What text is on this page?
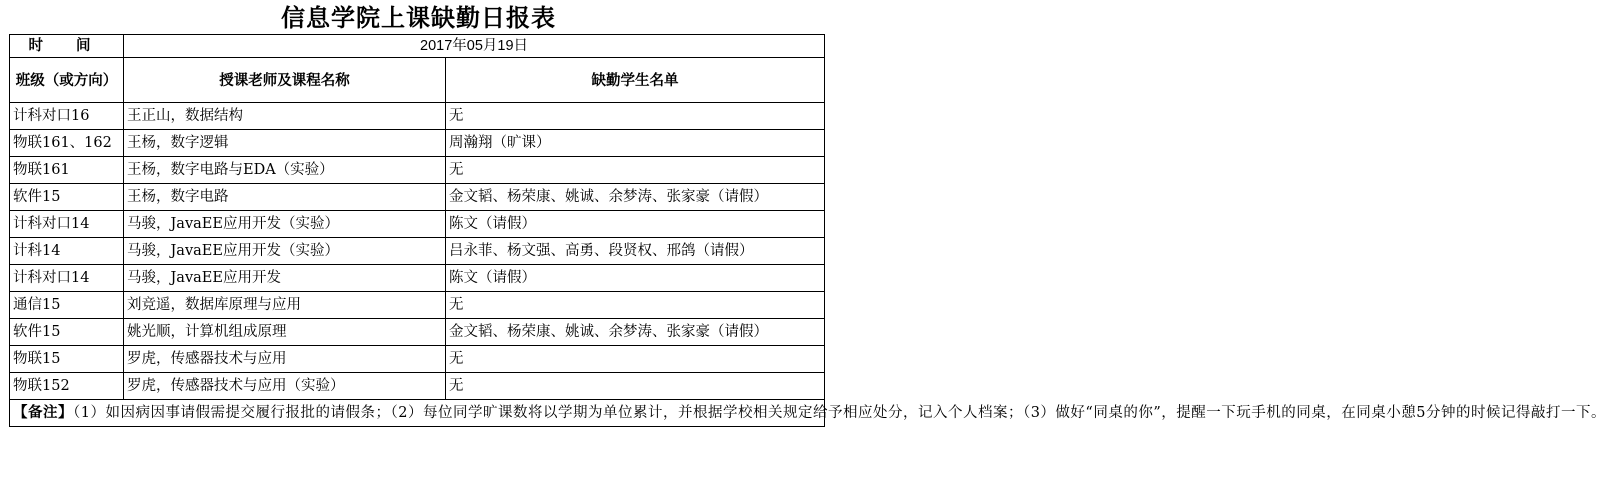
信息学院上课缺勤日报表
时 间	2017年05月19日	
班级（或方向）	授课老师及课程名称	缺勤学生名单
计科对口16	王正山，数据结构	无
物联161、162	王杨，数字逻辑	周瀚翔（旷课）
物联161	王杨，数字电路与EDA（实验）	无
软件15	王杨，数字电路	金文韬、杨荣康、姚诚、余梦涛、张家豪（请假）
计科对口14	马骏，JavaEE应用开发（实验）	陈文（请假）
计科14	马骏，JavaEE应用开发（实验）	吕永菲、杨文强、高勇、段贤权、邢鸽（请假）
计科对口14	马骏，JavaEE应用开发	陈文（请假）
通信15	刘竞遥，数据库原理与应用	无
软件15	姚光顺，计算机组成原理	金文韬、杨荣康、姚诚、余梦涛、张家豪（请假）
物联15	罗虎，传感器技术与应用	无
物联152	罗虎，传感器技术与应用（实验）	无
【备注】（1）如因病因事请假需提交履行报批的请假条；（2）每位同学旷课数将以学期为单位累计，并根据学校相关规定给予相应处分，记入个人档案；（3）做好“同桌的你”，提醒一下玩手机的同桌，在同桌小憩5分钟的时候记得敲打一下。		
